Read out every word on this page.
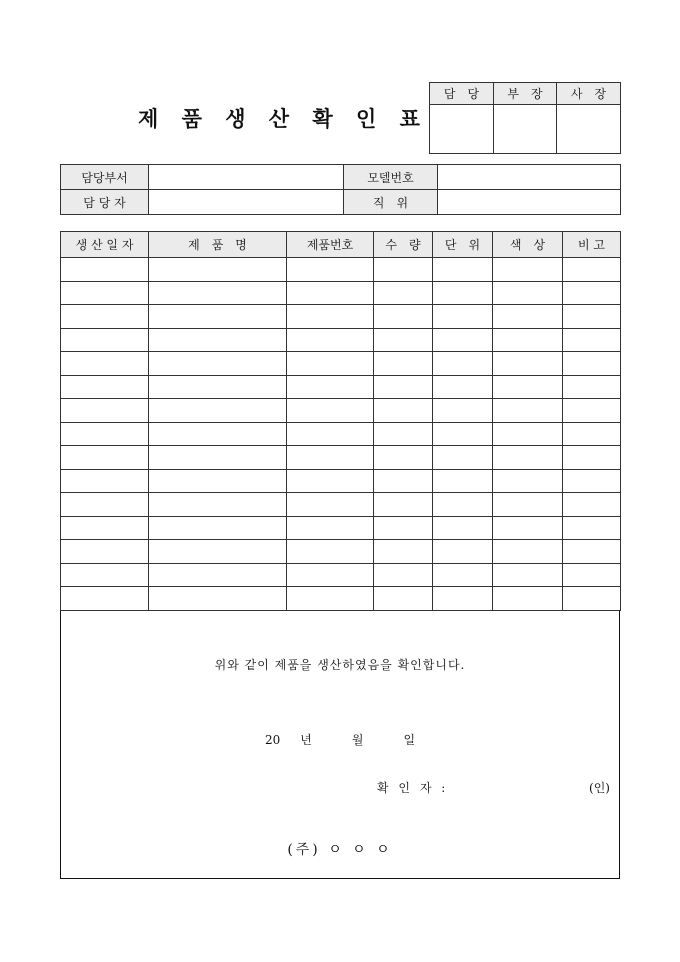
제 품 생 산 확 인 표
담　당	부　장	사　장

담당부서		모델번호	
담 당 자		직　위	
생 산 일 자	제　품　명	제품번호	수　량	단　위	색　상	비 고

위와 같이 제품을 생산하였음을 확인합니다.
20 년	월	일
확 인 자 :	(인)
(주) ㅇ ㅇ ㅇ
